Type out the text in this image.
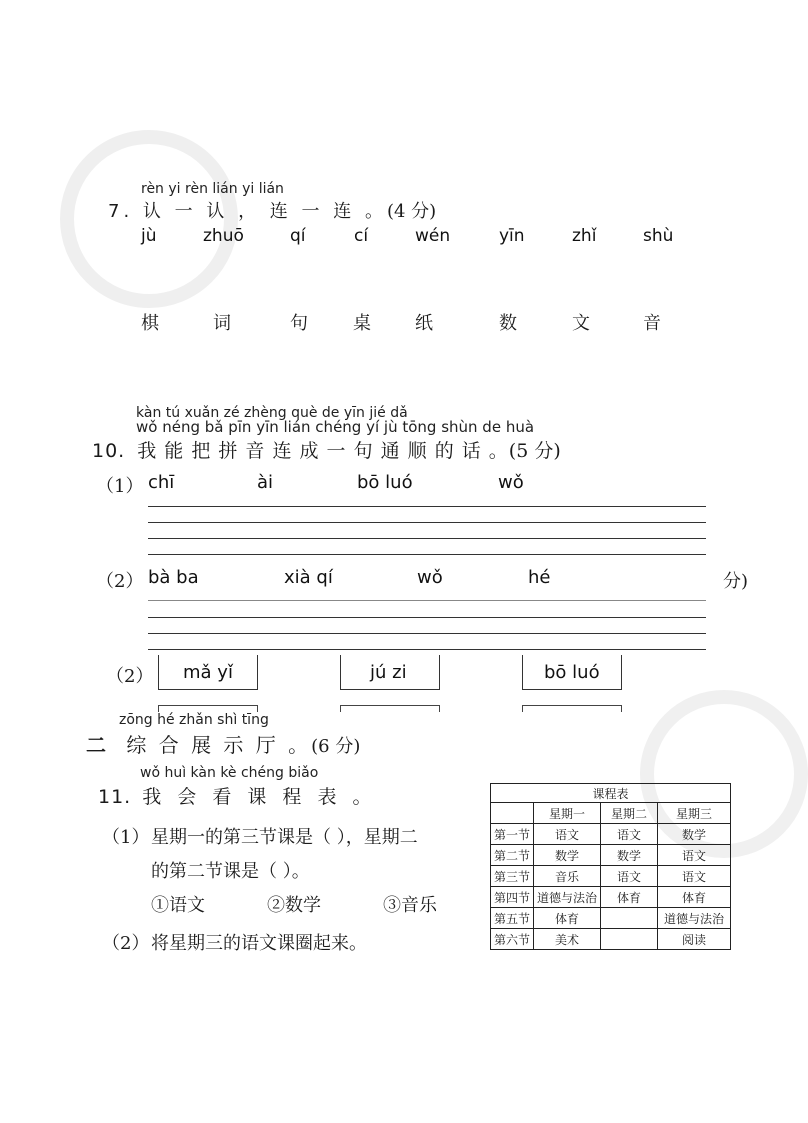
rèn yi rèn lián yi lián
7. 认 一 认 ， 连 一 连 。(4 分)
jù	zhuō	qí	cí	wén	yīn	zhǐ	shù
棋	词	句	桌 纸	数	文	音
kàn tú xuǎn zé zhèng què de yīn jié dǎ
wǒ néng bǎ pīn yīn lián chéng yí jù tōng shùn de huà
10. 我 能 把 拼 音 连 成 一 句 通 顺 的 话 。(5 分)
（1） chī	ài	bō luó	wǒ
（2） bà ba	xià qí	wǒ	hé	分)
（2） mǎ yǐ	jú zi	bō luó
zōng hé zhǎn shì tīng
二 综 合 展 示 厅 。(6 分)
wǒ huì kàn kè chéng biǎo
11. 我 会 看 课 程 表 。
（1） 星期一的第三节课是（ ），星期二
的第二节课是（ ）。
①语文	②数学	③音乐
（2） 将星期三的语文课圈起来。
课程表			
	星期一	星期二	星期三
第一节	语文	语文	数学
第二节	数学	数学	语文
第三节	音乐	语文	语文
第四节	道德与法治	体育	体育
第五节	体育		道德与法治
第六节	美术		阅读
